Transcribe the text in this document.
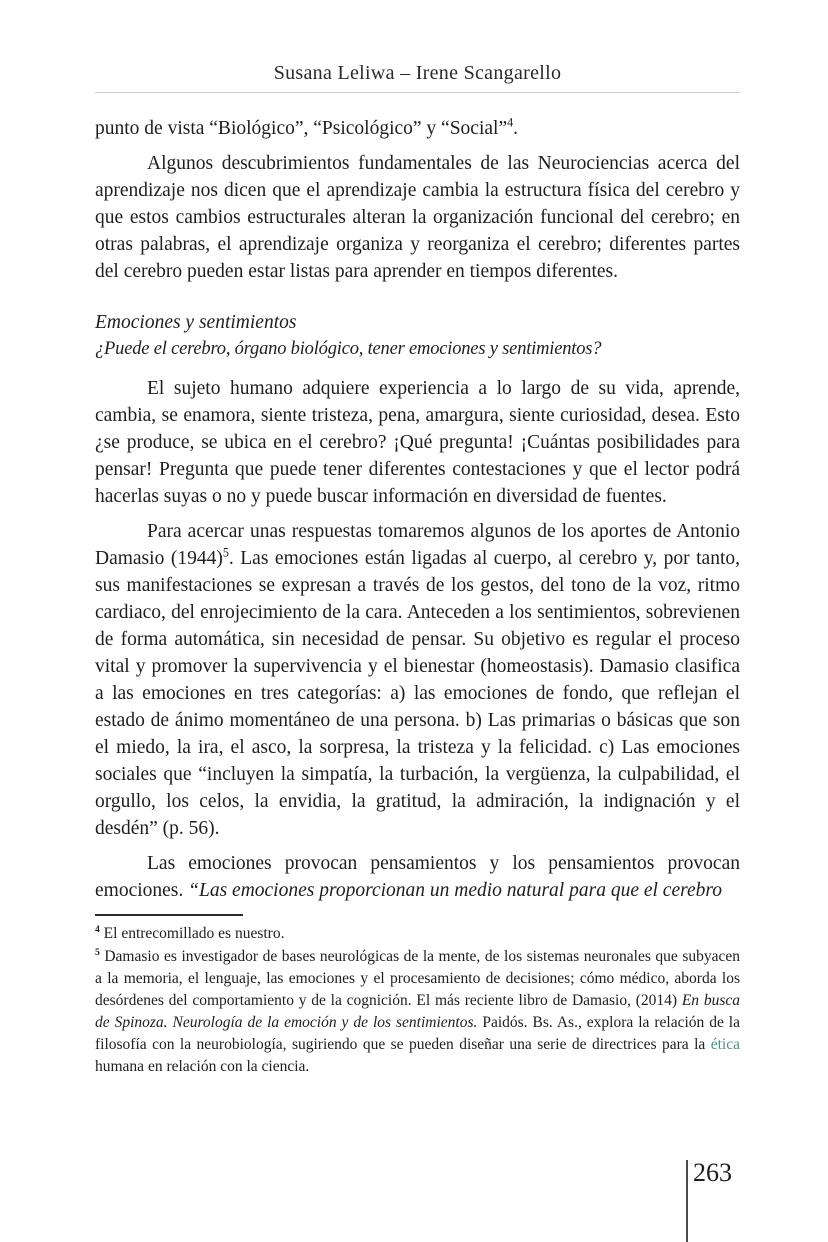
Susana Leliwa – Irene Scangarello
punto de vista “Biológico”, “Psicológico” y “Social”$^4$.
Algunos descubrimientos fundamentales de las Neurociencias acerca del aprendizaje nos dicen que el aprendizaje cambia la estructura física del cerebro y que estos cambios estructurales alteran la organización funcional del cerebro; en otras palabras, el aprendizaje organiza y reorganiza el cerebro; diferentes partes del cerebro pueden estar listas para aprender en tiempos diferentes.
Emociones y sentimientos
¿Puede el cerebro, órgano biológico, tener emociones y sentimientos?
El sujeto humano adquiere experiencia a lo largo de su vida, aprende, cambia, se enamora, siente tristeza, pena, amargura, siente curiosidad, desea. Esto ¿se produce, se ubica en el cerebro? ¡Qué pregunta! ¡Cuántas posibilidades para pensar! Pregunta que puede tener diferentes contestaciones y que el lector podrá hacerlas suyas o no y puede buscar información en diversidad de fuentes.
Para acercar unas respuestas tomaremos algunos de los aportes de Antonio Damasio $(1944)^5$. Las emociones están ligadas al cuerpo, al cerebro y, por tanto, sus manifestaciones se expresan a través de los gestos, del tono de la voz, ritmo cardiaco, del enrojecimiento de la cara. Anteceden a los sentimientos, sobrevienen de forma automática, sin necesidad de pensar. Su objetivo es regular el proceso vital y promover la supervivencia y el bienestar (homeostasis). Damasio clasifica a las emociones en tres categorías: a) las emociones de fondo, que reflejan el estado de ánimo momentáneo de una persona. b) Las primarias o básicas que son el miedo, la ira, el asco, la sorpresa, la tristeza y la felicidad. c) Las emociones sociales que “incluyen la simpatía, la turbación, la vergüenza, la culpabilidad, el orgullo, los celos, la envidia, la gratitud, la admiración, la indignación y el desdén” (p. 56).
Las emociones provocan pensamientos y los pensamientos provocan emociones. “Las emociones proporcionan un medio natural para que el cerebro
$^4$ El entrecomillado es nuestro.
$^5$ Damasio es investigador de bases neurológicas de la mente, de los sistemas neuronales que subyacen a la memoria, el lenguaje, las emociones y el procesamiento de decisiones; cómo médico, aborda los desórdenes del comportamiento y de la cognición. El más reciente libro de Damasio, (2014) En busca de Spinoza. Neurología de la emoción y de los sentimientos. Paidós. Bs. As., explora la relación de la filosofía con la neurobiología, sugiriendo que se pueden diseñar una serie de directrices para la ética humana en relación con la ciencia.
263
